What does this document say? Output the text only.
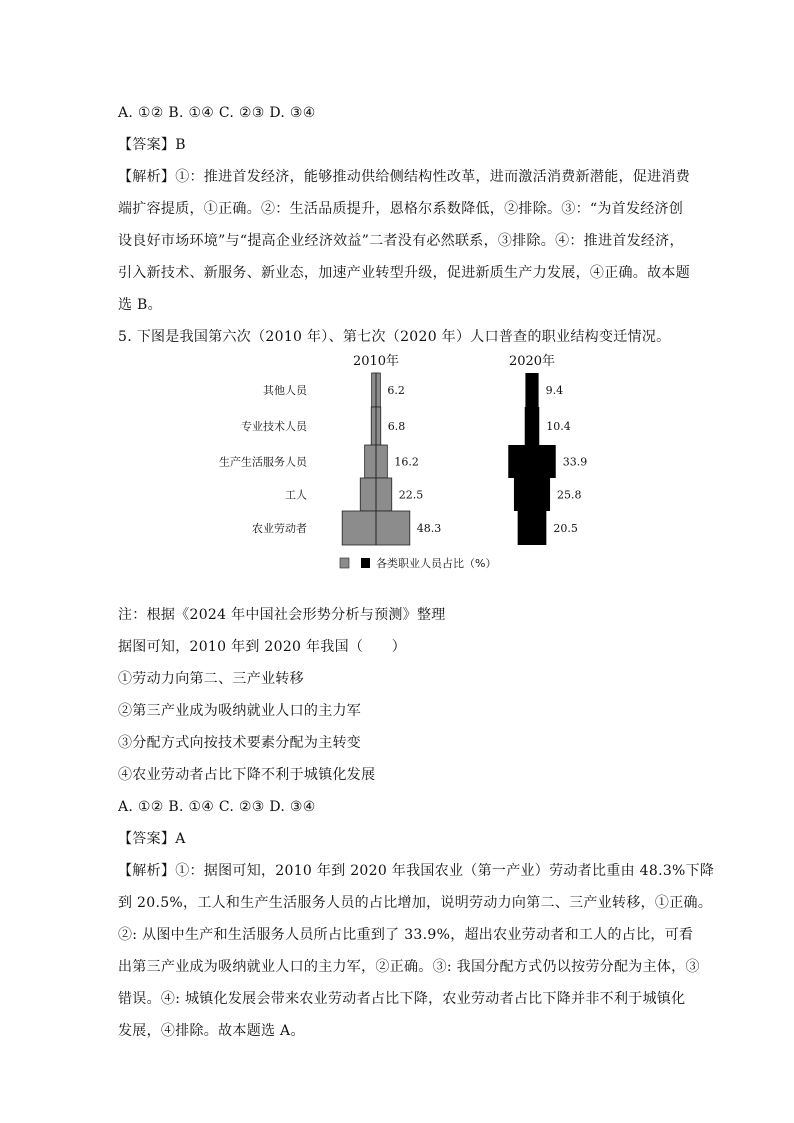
A. ①② B. ①④ C. ②③ D. ③④
【答案】B
【解析】①：推进首发经济，能够推动供给侧结构性改革，进而激活消费新潜能，促进消费
端扩容提质，①正确。②：生活品质提升，恩格尔系数降低，②排除。③：“为首发经济创
设良好市场环境”与“提高企业经济效益”二者没有必然联系，③排除。④：推进首发经济，
引入新技术、新服务、新业态，加速产业转型升级，促进新质生产力发展，④正确。故本题
选 B。
5. 下图是我国第六次（2010 年）、第七次（2020 年）人口普查的职业结构变迁情况。
其他人员
专业技术人员
生产生活服务人员
工人
农业劳动者
6.2
6.8
16.2
22.5
48.3
2010年
9.4
10.4
33.9
25.8
20.5
2020年
各类职业人员占比（%）
注：根据《2024 年中国社会形势分析与预测》整理
据图可知，2010 年到 2020 年我国（　　）
①劳动力向第二、三产业转移
②第三产业成为吸纳就业人口的主力军
③分配方式向按技术要素分配为主转变
④农业劳动者占比下降不利于城镇化发展
A. ①② B. ①④ C. ②③ D. ③④
【答案】A
【解析】①：据图可知，2010 年到 2020 年我国农业（第一产业）劳动者比重由 48.3%下降
到 20.5%，工人和生产生活服务人员的占比增加，说明劳动力向第二、三产业转移，①正确。
②: 从图中生产和生活服务人员所占比重到了 33.9%，超出农业劳动者和工人的占比，可看
出第三产业成为吸纳就业人口的主力军，②正确。③: 我国分配方式仍以按劳分配为主体，③
错误。④: 城镇化发展会带来农业劳动者占比下降，农业劳动者占比下降并非不利于城镇化
发展，④排除。故本题选 A。
